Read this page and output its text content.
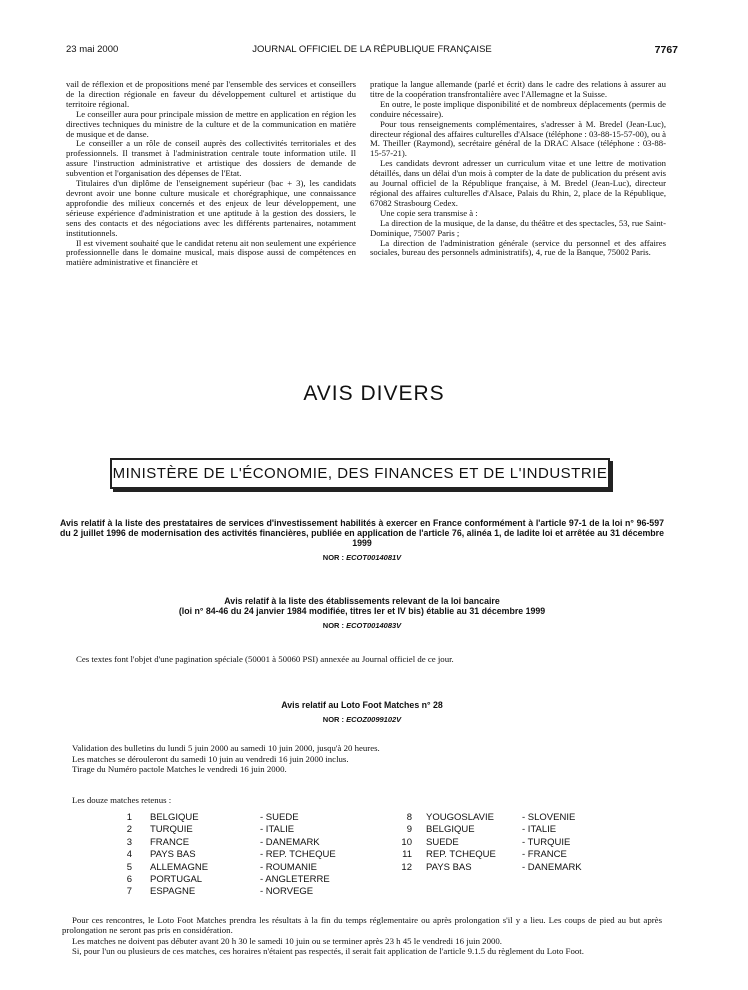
23 mai 2000	JOURNAL OFFICIEL DE LA RÉPUBLIQUE FRANÇAISE	7767

vail de réflexion et de propositions mené par l'ensemble des services et conseillers de la direction régionale en faveur du développement culturel et artistique du territoire régional.

Le conseiller aura pour principale mission de mettre en application en région les directives techniques du ministre de la culture et de la communication en matière de musique et de danse.

Le conseiller a un rôle de conseil auprès des collectivités territoriales et des professionnels. Il transmet à l'administration centrale toute information utile. Il assure l'instruction administrative et artistique des dossiers de demande de subvention et l'organisation des dépenses de l'Etat.

Titulaires d'un diplôme de l'enseignement supérieur (bac + 3), les candidats devront avoir une bonne culture musicale et chorégraphique, une connaissance approfondie des milieux concernés et des enjeux de leur développement, une sérieuse expérience d'administration et une aptitude à la gestion des dossiers, le sens des contacts et des négociations avec les différents partenaires, notamment institutionnels.

Il est vivement souhaité que le candidat retenu ait non seulement une expérience professionnelle dans le domaine musical, mais dispose aussi de compétences en matière administrative et financière et

pratique la langue allemande (parlé et écrit) dans le cadre des relations à assurer au titre de la coopération transfrontalière avec l'Allemagne et la Suisse.

En outre, le poste implique disponibilité et de nombreux déplacements (permis de conduire nécessaire).

Pour tous renseignements complémentaires, s'adresser à M. Bredel (Jean-Luc), directeur régional des affaires culturelles d'Alsace (téléphone : 03-88-15-57-00), ou à M. Theiller (Raymond), secrétaire général de la DRAC Alsace (téléphone : 03-88-15-57-21).

Les candidats devront adresser un curriculum vitae et une lettre de motivation détaillés, dans un délai d'un mois à compter de la date de publication du présent avis au Journal officiel de la République française, à M. Bredel (Jean-Luc), directeur régional des affaires culturelles d'Alsace, Palais du Rhin, 2, place de la République, 67082 Strasbourg Cedex.

Une copie sera transmise à :

La direction de la musique, de la danse, du théâtre et des spectacles, 53, rue Saint-Dominique, 75007 Paris ;

La direction de l'administration générale (service du personnel et des affaires sociales, bureau des personnels administratifs), 4, rue de la Banque, 75002 Paris.

AVIS DIVERS
MINISTÈRE DE L'ÉCONOMIE, DES FINANCES ET DE L'INDUSTRIE
Avis relatif à la liste des prestataires de services d'investissement habilités à exercer en France conformément à l'article 97-1 de la loi n° 96-597 du 2 juillet 1996 de modernisation des activités financières, publiée en application de l'article 76, alinéa 1, de ladite loi et arrêtée au 31 décembre 1999
NOR : ECOT0014081V
Avis relatif à la liste des établissements relevant de la loi bancaire
(loi n° 84-46 du 24 janvier 1984 modifiée, titres Ier et IV bis) établie au 31 décembre 1999
NOR : ECOT0014083V
Ces textes font l'objet d'une pagination spéciale (50001 à 50060 PSI) annexée au Journal officiel de ce jour.
Avis relatif au Loto Foot Matches n° 28
NOR : ECOZ0099102V
Validation des bulletins du lundi 5 juin 2000 au samedi 10 juin 2000, jusqu'à 20 heures.
Les matches se dérouleront du samedi 10 juin au vendredi 16 juin 2000 inclus.
Tirage du Numéro pactole Matches le vendredi 16 juin 2000.
Les douze matches retenus :
1 BELGIQUE	- SUEDE
2 TURQUIE	- ITALIE
3 FRANCE	- DANEMARK
4 PAYS BAS	- REP. TCHEQUE
5 ALLEMAGNE	- ROUMANIE
6 PORTUGAL	- ANGLETERRE
7 ESPAGNE	- NORVEGE
8 YOUGOSLAVIE	- SLOVENIE
9 BELGIQUE	- ITALIE
10 SUEDE	- TURQUIE
11 REP. TCHEQUE	- FRANCE
12 PAYS BAS	- DANEMARK
Pour ces rencontres, le Loto Foot Matches prendra les résultats à la fin du temps réglementaire ou après prolongation s'il y a lieu. Les coups de pied au but après prolongation ne seront pas pris en considération.
Les matches ne doivent pas débuter avant 20 h 30 le samedi 10 juin ou se terminer après 23 h 45 le vendredi 16 juin 2000.
Si, pour l'un ou plusieurs de ces matches, ces horaires n'étaient pas respectés, il serait fait application de l'article 9.1.5 du règlement du Loto Foot.
